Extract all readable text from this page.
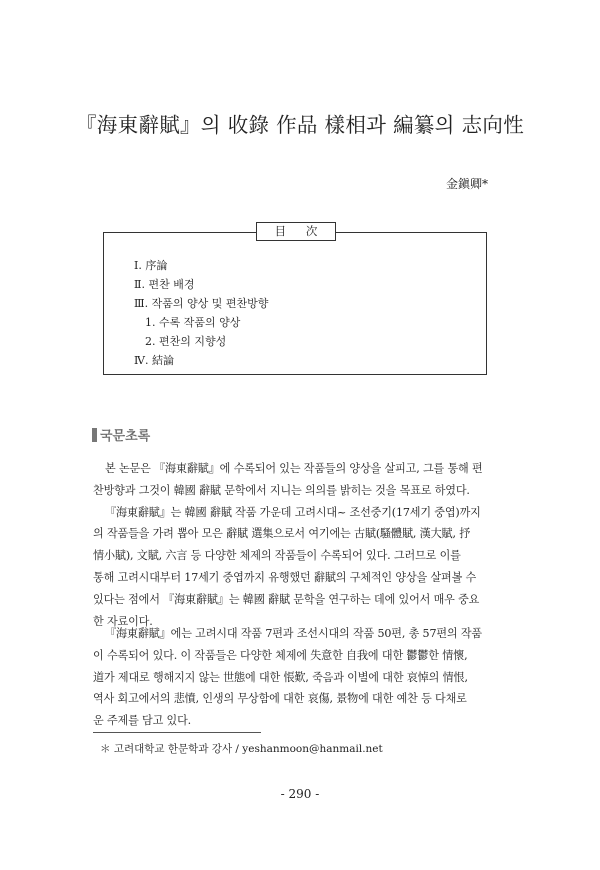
『海東辭賦』의 收錄 作品 樣相과 編纂의 志向性
金鎭卿*
目 次
Ⅰ. 序論
Ⅱ. 편찬 배경
Ⅲ. 작품의 양상 및 편찬방향
1. 수록 작품의 양상
2. 편찬의 지향성
Ⅳ. 結論
국문초록

본 논문은 『海東辭賦』에 수록되어 있는 작품들의 양상을 살피고, 그를 통해 편
찬방향과 그것이 韓國 辭賦 문학에서 지니는 의의를 밝히는 것을 목표로 하였다.
『海東辭賦』는 韓國 辭賦 작품 가운데 고려시대~ 조선중기(17세기 중엽)까지
의 작품들을 가려 뽑아 모은 辭賦 選集으로서 여기에는 古賦(騷體賦, 漢大賦, 抒
情小賦), 文賦, 六言 등 다양한 체제의 작품들이 수록되어 있다. 그러므로 이를
통해 고려시대부터 17세기 중엽까지 유행했던 辭賦의 구체적인 양상을 살펴볼 수
있다는 점에서 『海東辭賦』는 韓國 辭賦 문학을 연구하는 데에 있어서 매우 중요
한 자료이다.

『海東辭賦』에는 고려시대 작품 7편과 조선시대의 작품 50편, 총 57편의 작품
이 수록되어 있다. 이 작품들은 다양한 체제에 失意한 自我에 대한 鬱鬱한 情懷,
道가 제대로 행해지지 않는 世態에 대한 悵歎, 죽음과 이별에 대한 哀悼의 情恨,
역사 회고에서의 悲憤, 인생의 무상함에 대한 哀傷, 景物에 대한 예찬 등 다채로
운 주제를 담고 있다.

＊ 고려대학교 한문학과 강사 / yeshanmoon@hanmail.net
- 290 -
